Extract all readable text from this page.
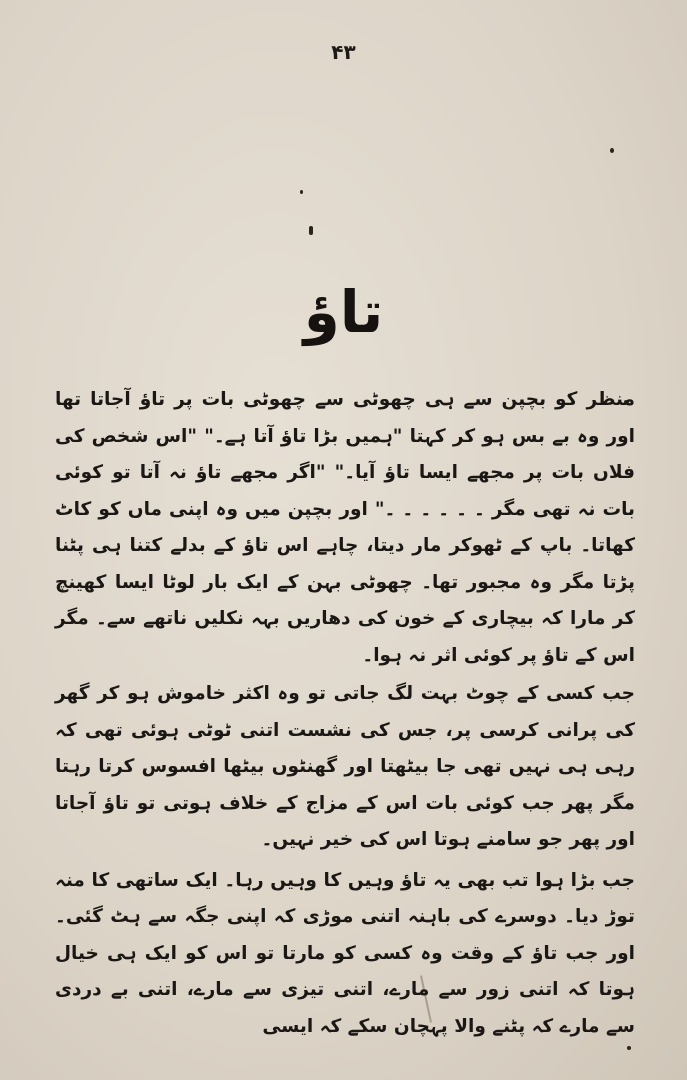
۴۳
تاؤ

منظر کو بچپن سے ہی چھوٹی سے چھوٹی بات پر تاؤ آجاتا تھا اور وہ بے بس ہو کر کہتا "ہمیں بڑا تاؤ آتا ہے۔" "اس شخص کی فلاں بات پر مجھے ایسا تاؤ آیا۔" "اگر مجھے تاؤ نہ آتا تو کوئی بات نہ تھی مگر ۔ ۔ ۔ ۔ ۔ ۔" اور بچپن میں وہ اپنی ماں کو کاٹ کھاتا۔ باپ کے ٹھوکر مار دیتا، چاہے اس تاؤ کے بدلے کتنا ہی پٹنا پڑتا مگر وہ مجبور تھا۔ چھوٹی بہن کے ایک بار لوٹا ایسا کھینچ کر مارا کہ بیچاری کے خون کی دھاریں بہہ نکلیں ناتھے سے۔ مگر اس کے تاؤ پر کوئی اثر نہ ہوا۔

جب کسی کے چوٹ بہت لگ جاتی تو وہ اکثر خاموش ہو کر گھر کی پرانی کرسی پر، جس کی نشست اتنی ٹوٹی ہوئی تھی کہ رہی ہی نہیں تھی جا بیٹھتا اور گھنٹوں بیٹھا افسوس کرتا رہتا مگر پھر جب کوئی بات اس کے مزاج کے خلاف ہوتی تو تاؤ آجاتا اور پھر جو سامنے ہوتا اس کی خیر نہیں۔

جب بڑا ہوا تب بھی یہ تاؤ وہیں کا وہیں رہا۔ ایک ساتھی کا منہ توڑ دیا۔ دوسرے کی باہنہ اتنی موڑی کہ اپنی جگہ سے ہٹ گئی۔ اور جب تاؤ کے وقت وہ کسی کو مارتا تو اس کو ایک ہی خیال ہوتا کہ اتنی زور سے مارے، اتنی تیزی سے مارے، اتنی بے دردی سے مارے کہ پٹنے والا پہچان سکے کہ ایسی
